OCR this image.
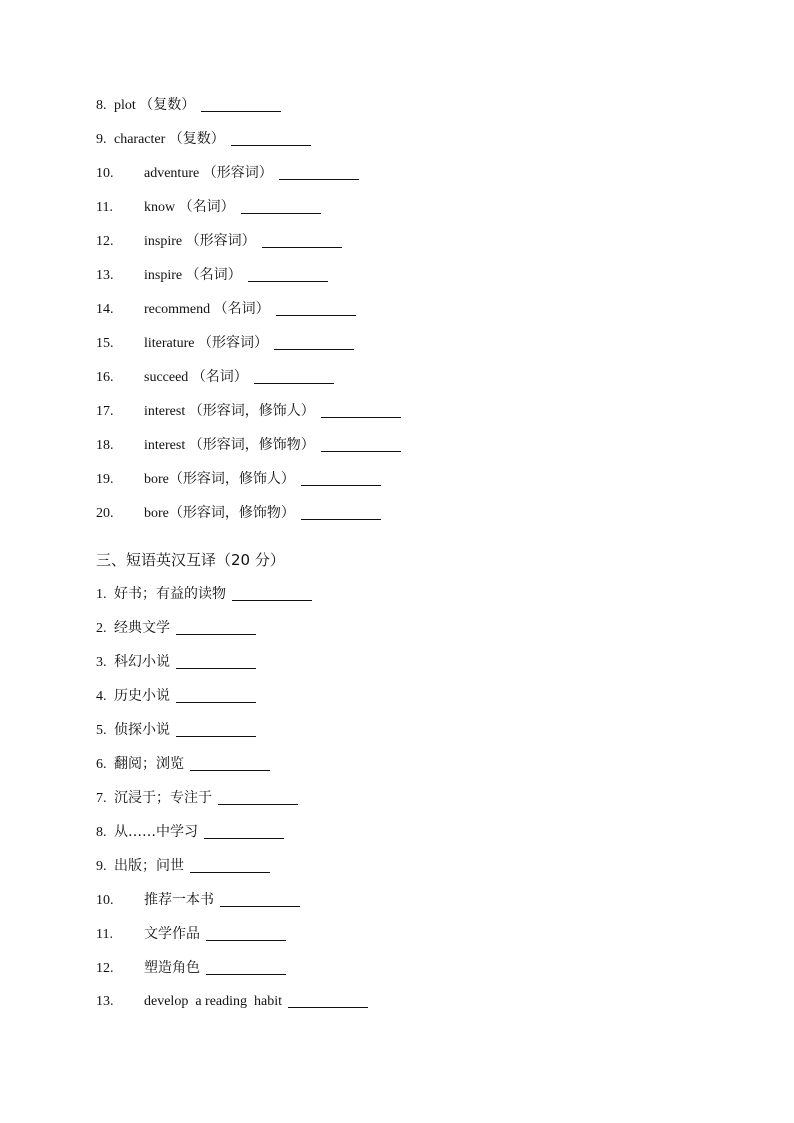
8. plot （复数）
9. character （复数）
10. adventure （形容词）
11. know （名词）
12. inspire （形容词）
13. inspire （名词）
14. recommend （名词）
15. literature （形容词）
16. succeed （名词）
17. interest （形容词，修饰人）
18. interest （形容词，修饰物）
19. bore（形容词，修饰人）
20. bore（形容词，修饰物）
三、短语英汉互译（20 分）
1. 好书；有益的读物
2. 经典文学
3. 科幻小说
4. 历史小说
5. 侦探小说
6. 翻阅；浏览
7. 沉浸于；专注于
8. 从……中学习
9. 出版；问世
10. 推荐一本书
11. 文学作品
12. 塑造角色
13. develop  a reading  habit
